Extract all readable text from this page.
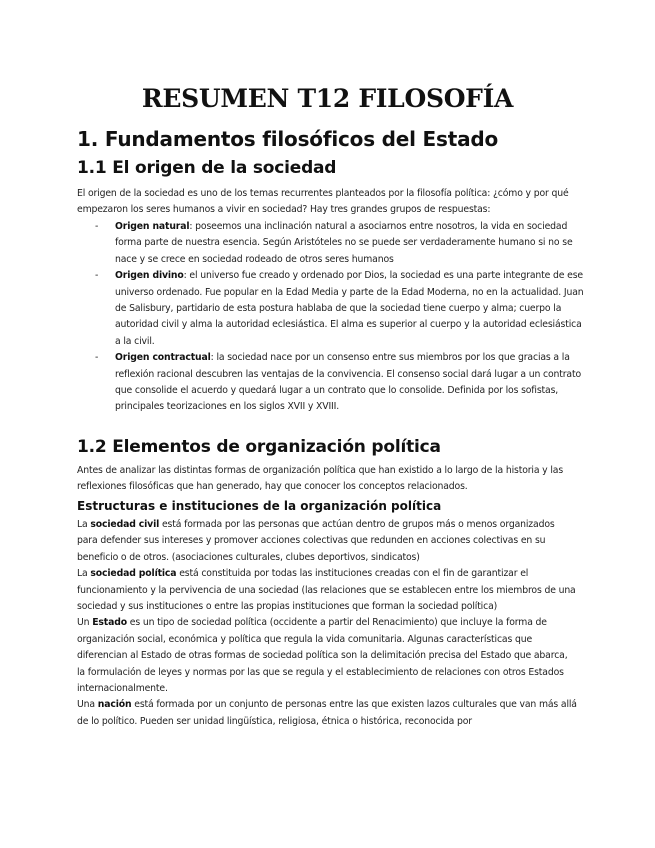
RESUMEN T12 FILOSOFÍA
1. Fundamentos filosóficos del Estado
1.1 El origen de la sociedad
El origen de la sociedad es uno de los temas recurrentes planteados por la filosofía política: ¿cómo y por qué empezaron los seres humanos a vivir en sociedad? Hay tres grandes grupos de respuestas:
- Origen natural: poseemos una inclinación natural a asociarnos entre nosotros, la vida en sociedad forma parte de nuestra esencia. Según Aristóteles no se puede ser verdaderamente humano si no se nace y se crece en sociedad rodeado de otros seres humanos
- Origen divino: el universo fue creado y ordenado por Dios, la sociedad es una parte integrante de ese universo ordenado. Fue popular en la Edad Media y parte de la Edad Moderna, no en la actualidad. Juan de Salisbury, partidario de esta postura hablaba de que la sociedad tiene cuerpo y alma; cuerpo la autoridad civil y alma la autoridad eclesiástica. El alma es superior al cuerpo y la autoridad eclesiástica a la civil.
- Origen contractual: la sociedad nace por un consenso entre sus miembros por los que gracias a la reflexión racional descubren las ventajas de la convivencia. El consenso social dará lugar a un contrato que consolide el acuerdo y quedará lugar a un contrato que lo consolide. Definida por los sofistas, principales teorizaciones en los siglos XVII y XVIII.
1.2 Elementos de organización política
Antes de analizar las distintas formas de organización política que han existido a lo largo de la historia y las reflexiones filosóficas que han generado, hay que conocer los conceptos relacionados.
Estructuras e instituciones de la organización política
La sociedad civil está formada por las personas que actúan dentro de grupos más o menos organizados para defender sus intereses y promover acciones colectivas que redunden en acciones colectivas en su beneficio o de otros. (asociaciones culturales, clubes deportivos, sindicatos)
La sociedad política está constituida por todas las instituciones creadas con el fin de garantizar el funcionamiento y la pervivencia de una sociedad (las relaciones que se establecen entre los miembros de una sociedad y sus instituciones o entre las propias instituciones que forman la sociedad política)
Un Estado es un tipo de sociedad política (occidente a partir del Renacimiento) que incluye la forma de organización social, económica y política que regula la vida comunitaria. Algunas características que diferencian al Estado de otras formas de sociedad política son la delimitación precisa del Estado que abarca, la formulación de leyes y normas por las que se regula y el establecimiento de relaciones con otros Estados internacionalmente.
Una nación está formada por un conjunto de personas entre las que existen lazos culturales que van más allá de lo político. Pueden ser unidad lingüística, religiosa, étnica o histórica, reconocida por
